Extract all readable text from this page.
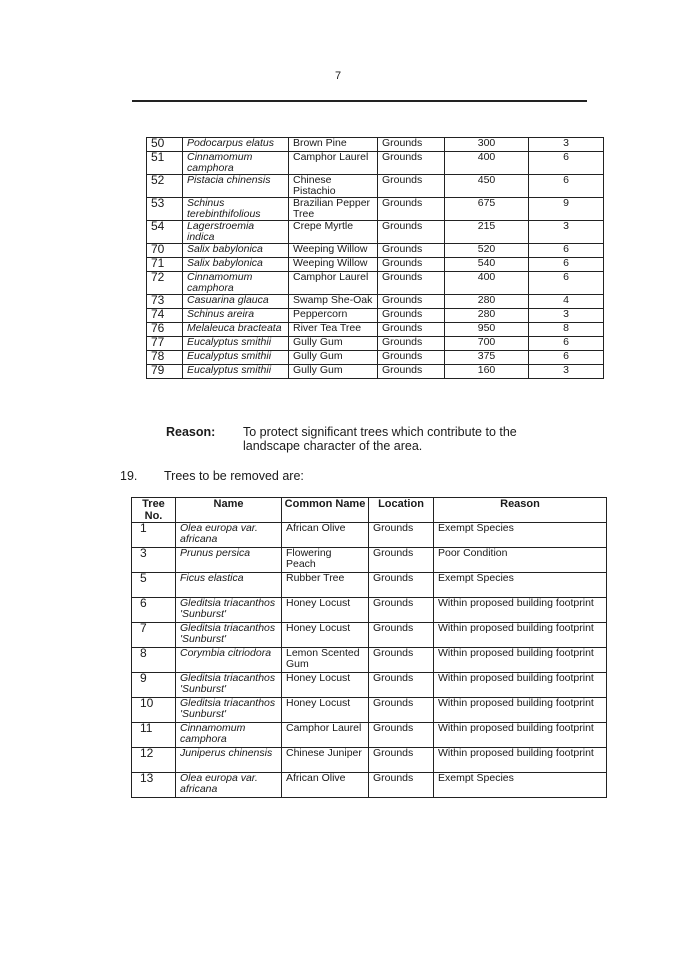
7
50	Podocarpus elatus	Brown Pine	Grounds	300	3
51	Cinnamomum camphora	Camphor Laurel	Grounds	400	6
52	Pistacia chinensis	Chinese Pistachio	Grounds	450	6
53	Schinus terebinthifolious	Brazilian Pepper Tree	Grounds	675	9
54	Lagerstroemia indica	Crepe Myrtle	Grounds	215	3
70	Salix babylonica	Weeping Willow	Grounds	520	6
71	Salix babylonica	Weeping Willow	Grounds	540	6
72	Cinnamomum camphora	Camphor Laurel	Grounds	400	6
73	Casuarina glauca	Swamp She-Oak	Grounds	280	4
74	Schinus areira	Peppercorn	Grounds	280	3
76	Melaleuca bracteata	River Tea Tree	Grounds	950	8
77	Eucalyptus smithii	Gully Gum	Grounds	700	6
78	Eucalyptus smithii	Gully Gum	Grounds	375	6
79	Eucalyptus smithii	Gully Gum	Grounds	160	3
Reason: To protect significant trees which contribute to the landscape character of the area.
19. Trees to be removed are:
Tree No.	Name	Common Name	Location	Reason
1	Olea europa var. africana	African Olive	Grounds	Exempt Species
3	Prunus persica	Flowering Peach	Grounds	Poor Condition
5	Ficus elastica	Rubber Tree	Grounds	Exempt Species
6	Gleditsia triacanthos 'Sunburst'	Honey Locust	Grounds	Within proposed building footprint
7	Gleditsia triacanthos 'Sunburst'	Honey Locust	Grounds	Within proposed building footprint
8	Corymbia citriodora	Lemon Scented Gum	Grounds	Within proposed building footprint
9	Gleditsia triacanthos 'Sunburst'	Honey Locust	Grounds	Within proposed building footprint
10	Gleditsia triacanthos 'Sunburst'	Honey Locust	Grounds	Within proposed building footprint
11	Cinnamomum camphora	Camphor Laurel	Grounds	Within proposed building footprint
12	Juniperus chinensis	Chinese Juniper	Grounds	Within proposed building footprint
13	Olea europa var. africana	African Olive	Grounds	Exempt Species
